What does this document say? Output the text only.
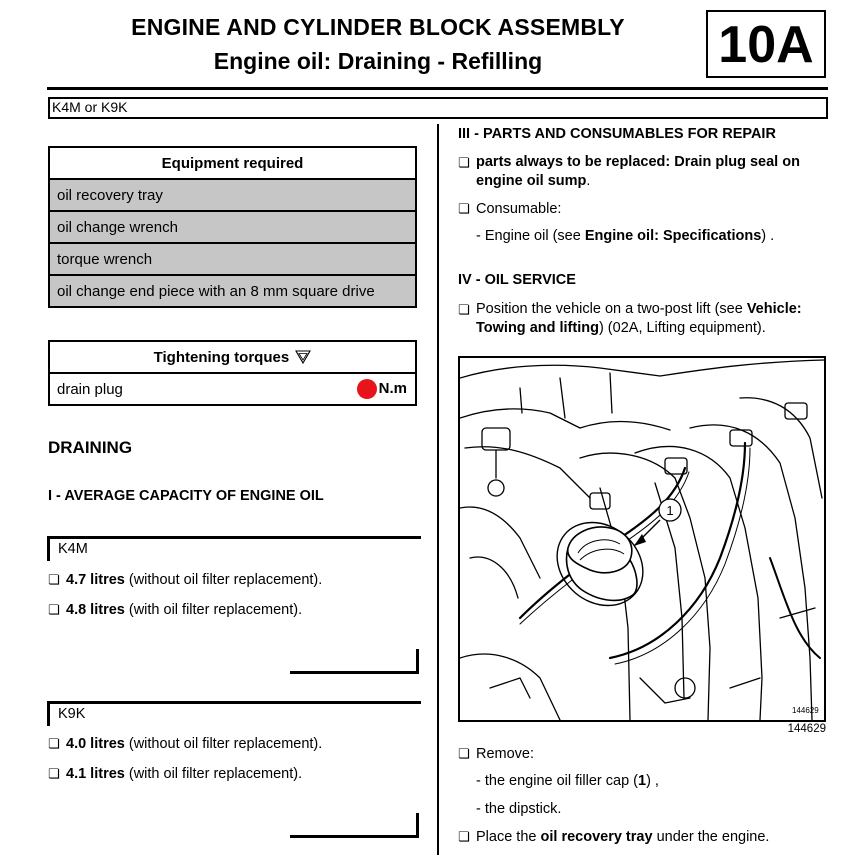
ENGINE AND CYLINDER BLOCK ASSEMBLY
Engine oil: Draining - Refilling	10A
K4M or K9K
Equipment required
oil recovery tray
oil change wrench
torque wrench
oil change end piece with an 8 mm square drive
Tightening torques
drain plug	N.m
DRAINING
I - AVERAGE CAPACITY OF ENGINE OIL
K4M
❏ 4.7 litres (without oil filter replacement).
❏ 4.8 litres (with oil filter replacement).
K9K
❏ 4.0 litres (without oil filter replacement).
❏ 4.1 litres (with oil filter replacement).
III - PARTS AND CONSUMABLES FOR REPAIR
❏ parts always to be replaced: Drain plug seal on engine oil sump.
❏ Consumable:
- Engine oil (see Engine oil: Specifications) .
IV - OIL SERVICE
❏ Position the vehicle on a two-post lift (see Vehicle: Towing and lifting) (02A, Lifting equipment).
1
144629
144629
❏ Remove:
- the engine oil filler cap (1) ,
- the dipstick.
❏ Place the oil recovery tray under the engine.
